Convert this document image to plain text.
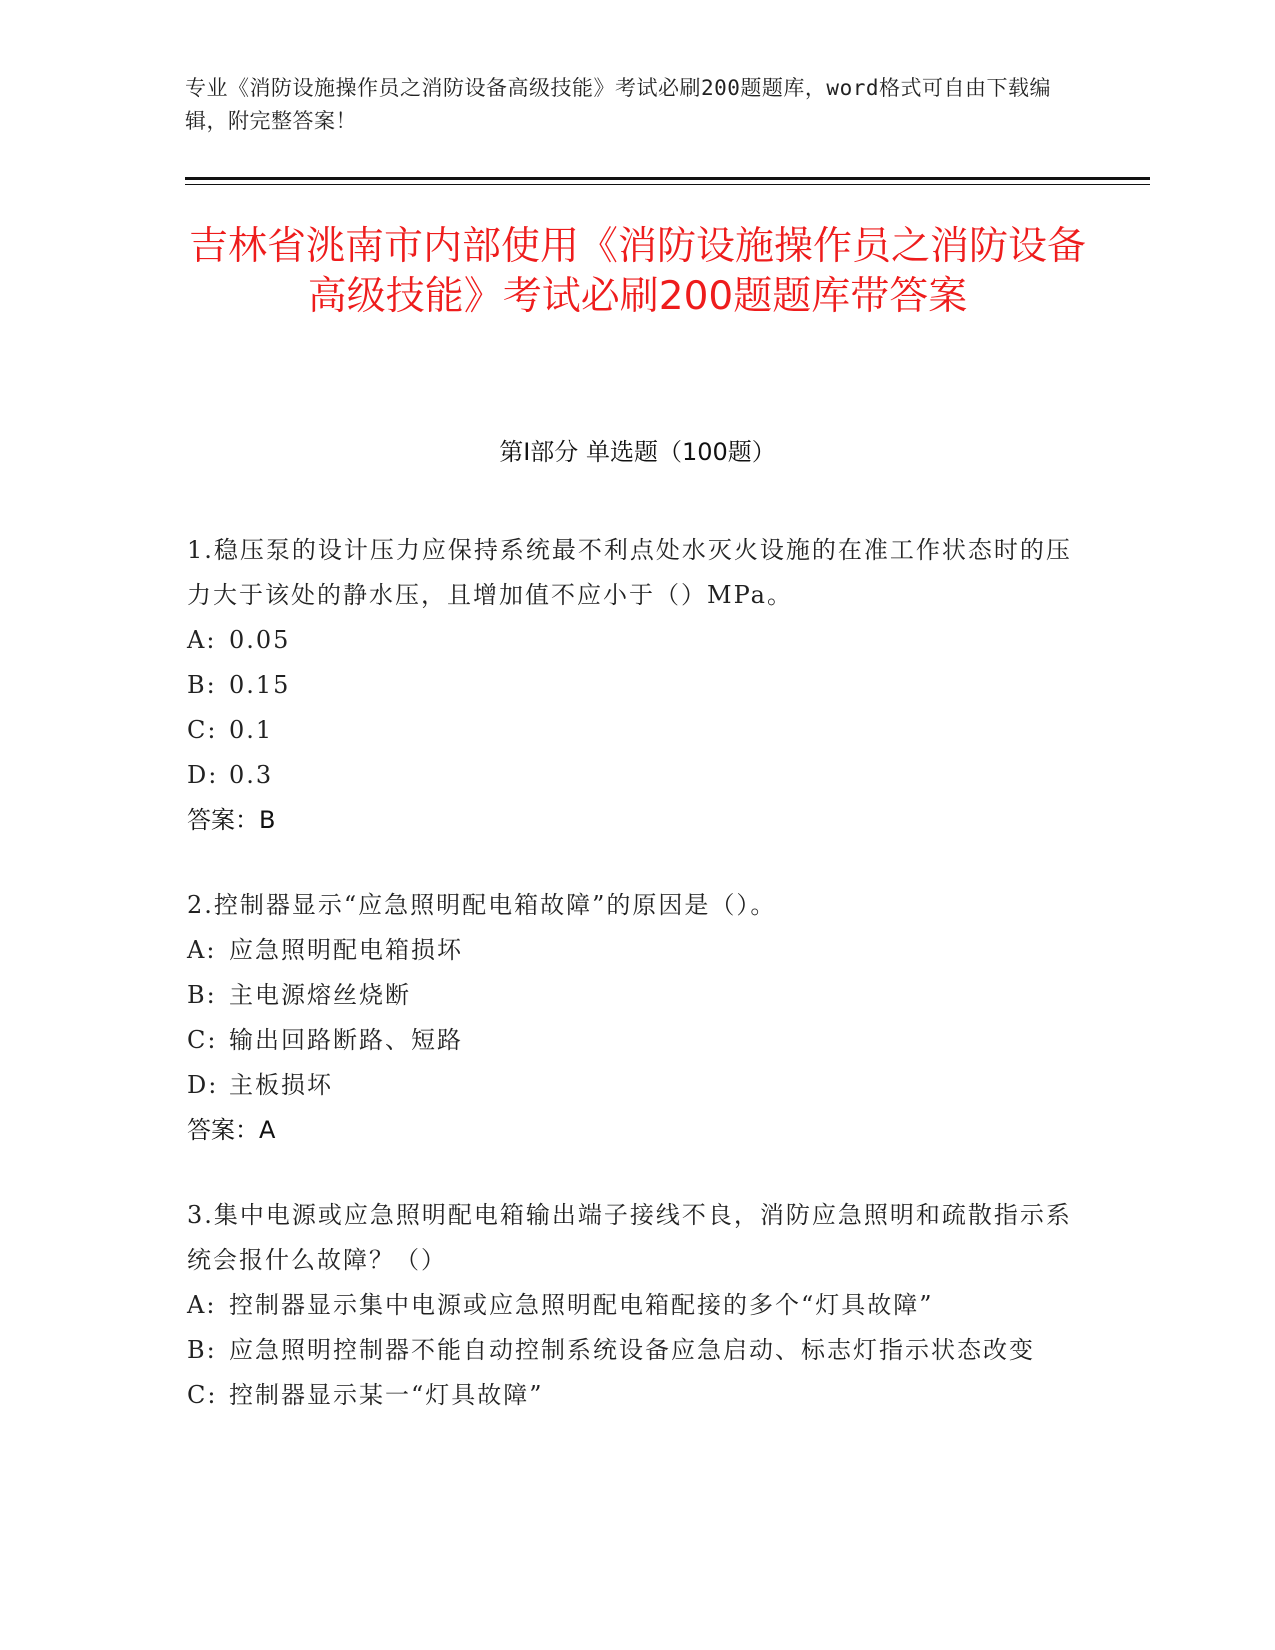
专业《消防设施操作员之消防设备高级技能》考试必刷200题题库，word格式可自由下载编辑，附完整答案！
吉林省洮南市内部使用《消防设施操作员之消防设备高级技能》考试必刷200题题库带答案
第I部分 单选题（100题）
1.稳压泵的设计压力应保持系统最不利点处水灭火设施的在准工作状态时的压力大于该处的静水压，且增加值不应小于（）MPa。
A: 0.05
B: 0.15
C: 0.1
D: 0.3
答案：B
2.控制器显示“应急照明配电箱故障”的原因是（）。
A: 应急照明配电箱损坏
B: 主电源熔丝烧断
C: 输出回路断路、短路
D: 主板损坏
答案：A
3.集中电源或应急照明配电箱输出端子接线不良，消防应急照明和疏散指示系统会报什么故障？（）
A: 控制器显示集中电源或应急照明配电箱配接的多个“灯具故障”
B: 应急照明控制器不能自动控制系统设备应急启动、标志灯指示状态改变
C: 控制器显示某一“灯具故障”
